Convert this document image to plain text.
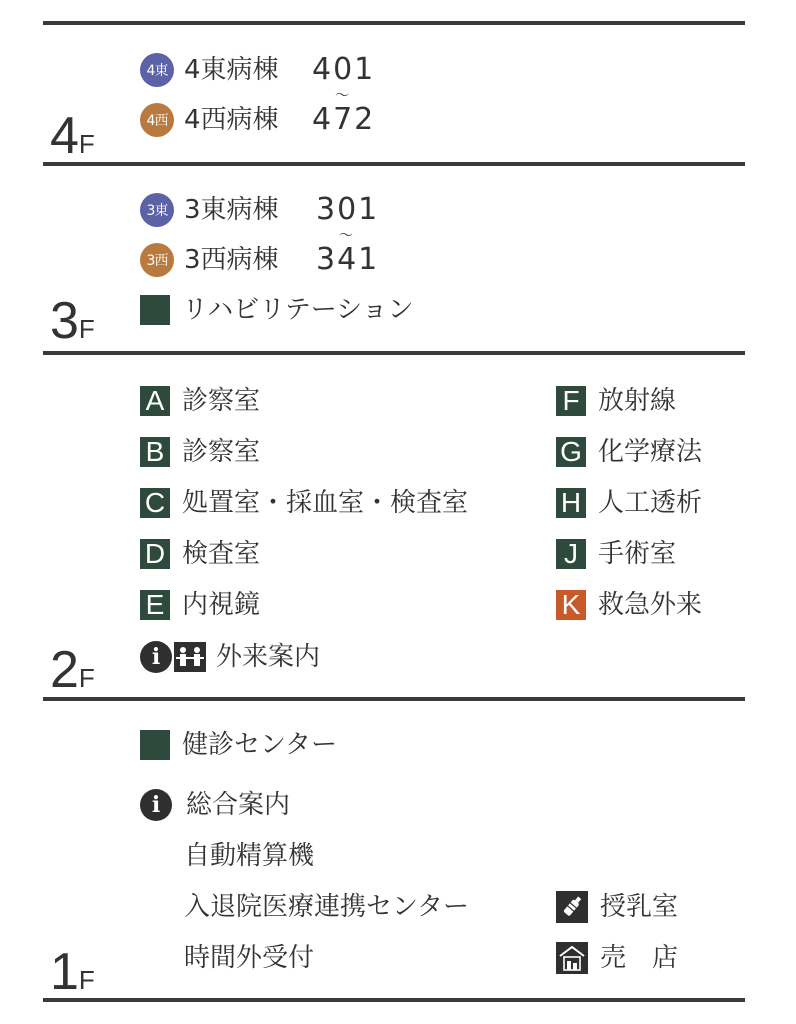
4F
4東 4東病棟
4西 4西病棟
401
〜
472
3F
3東 3東病棟
3西 3西病棟
301
〜
341
リハビリテーション
2F
A 診察室
B 診察室
C 処置室・採血室・検査室
D 検査室
E 内視鏡
F 放射線
G 化学療法
H 人工透析
J 手術室
K 救急外来
i	外来案内
1F
健診センター
i 総合案内
自動精算機
入退院医療連携センター
時間外受付
授乳室
売　店
